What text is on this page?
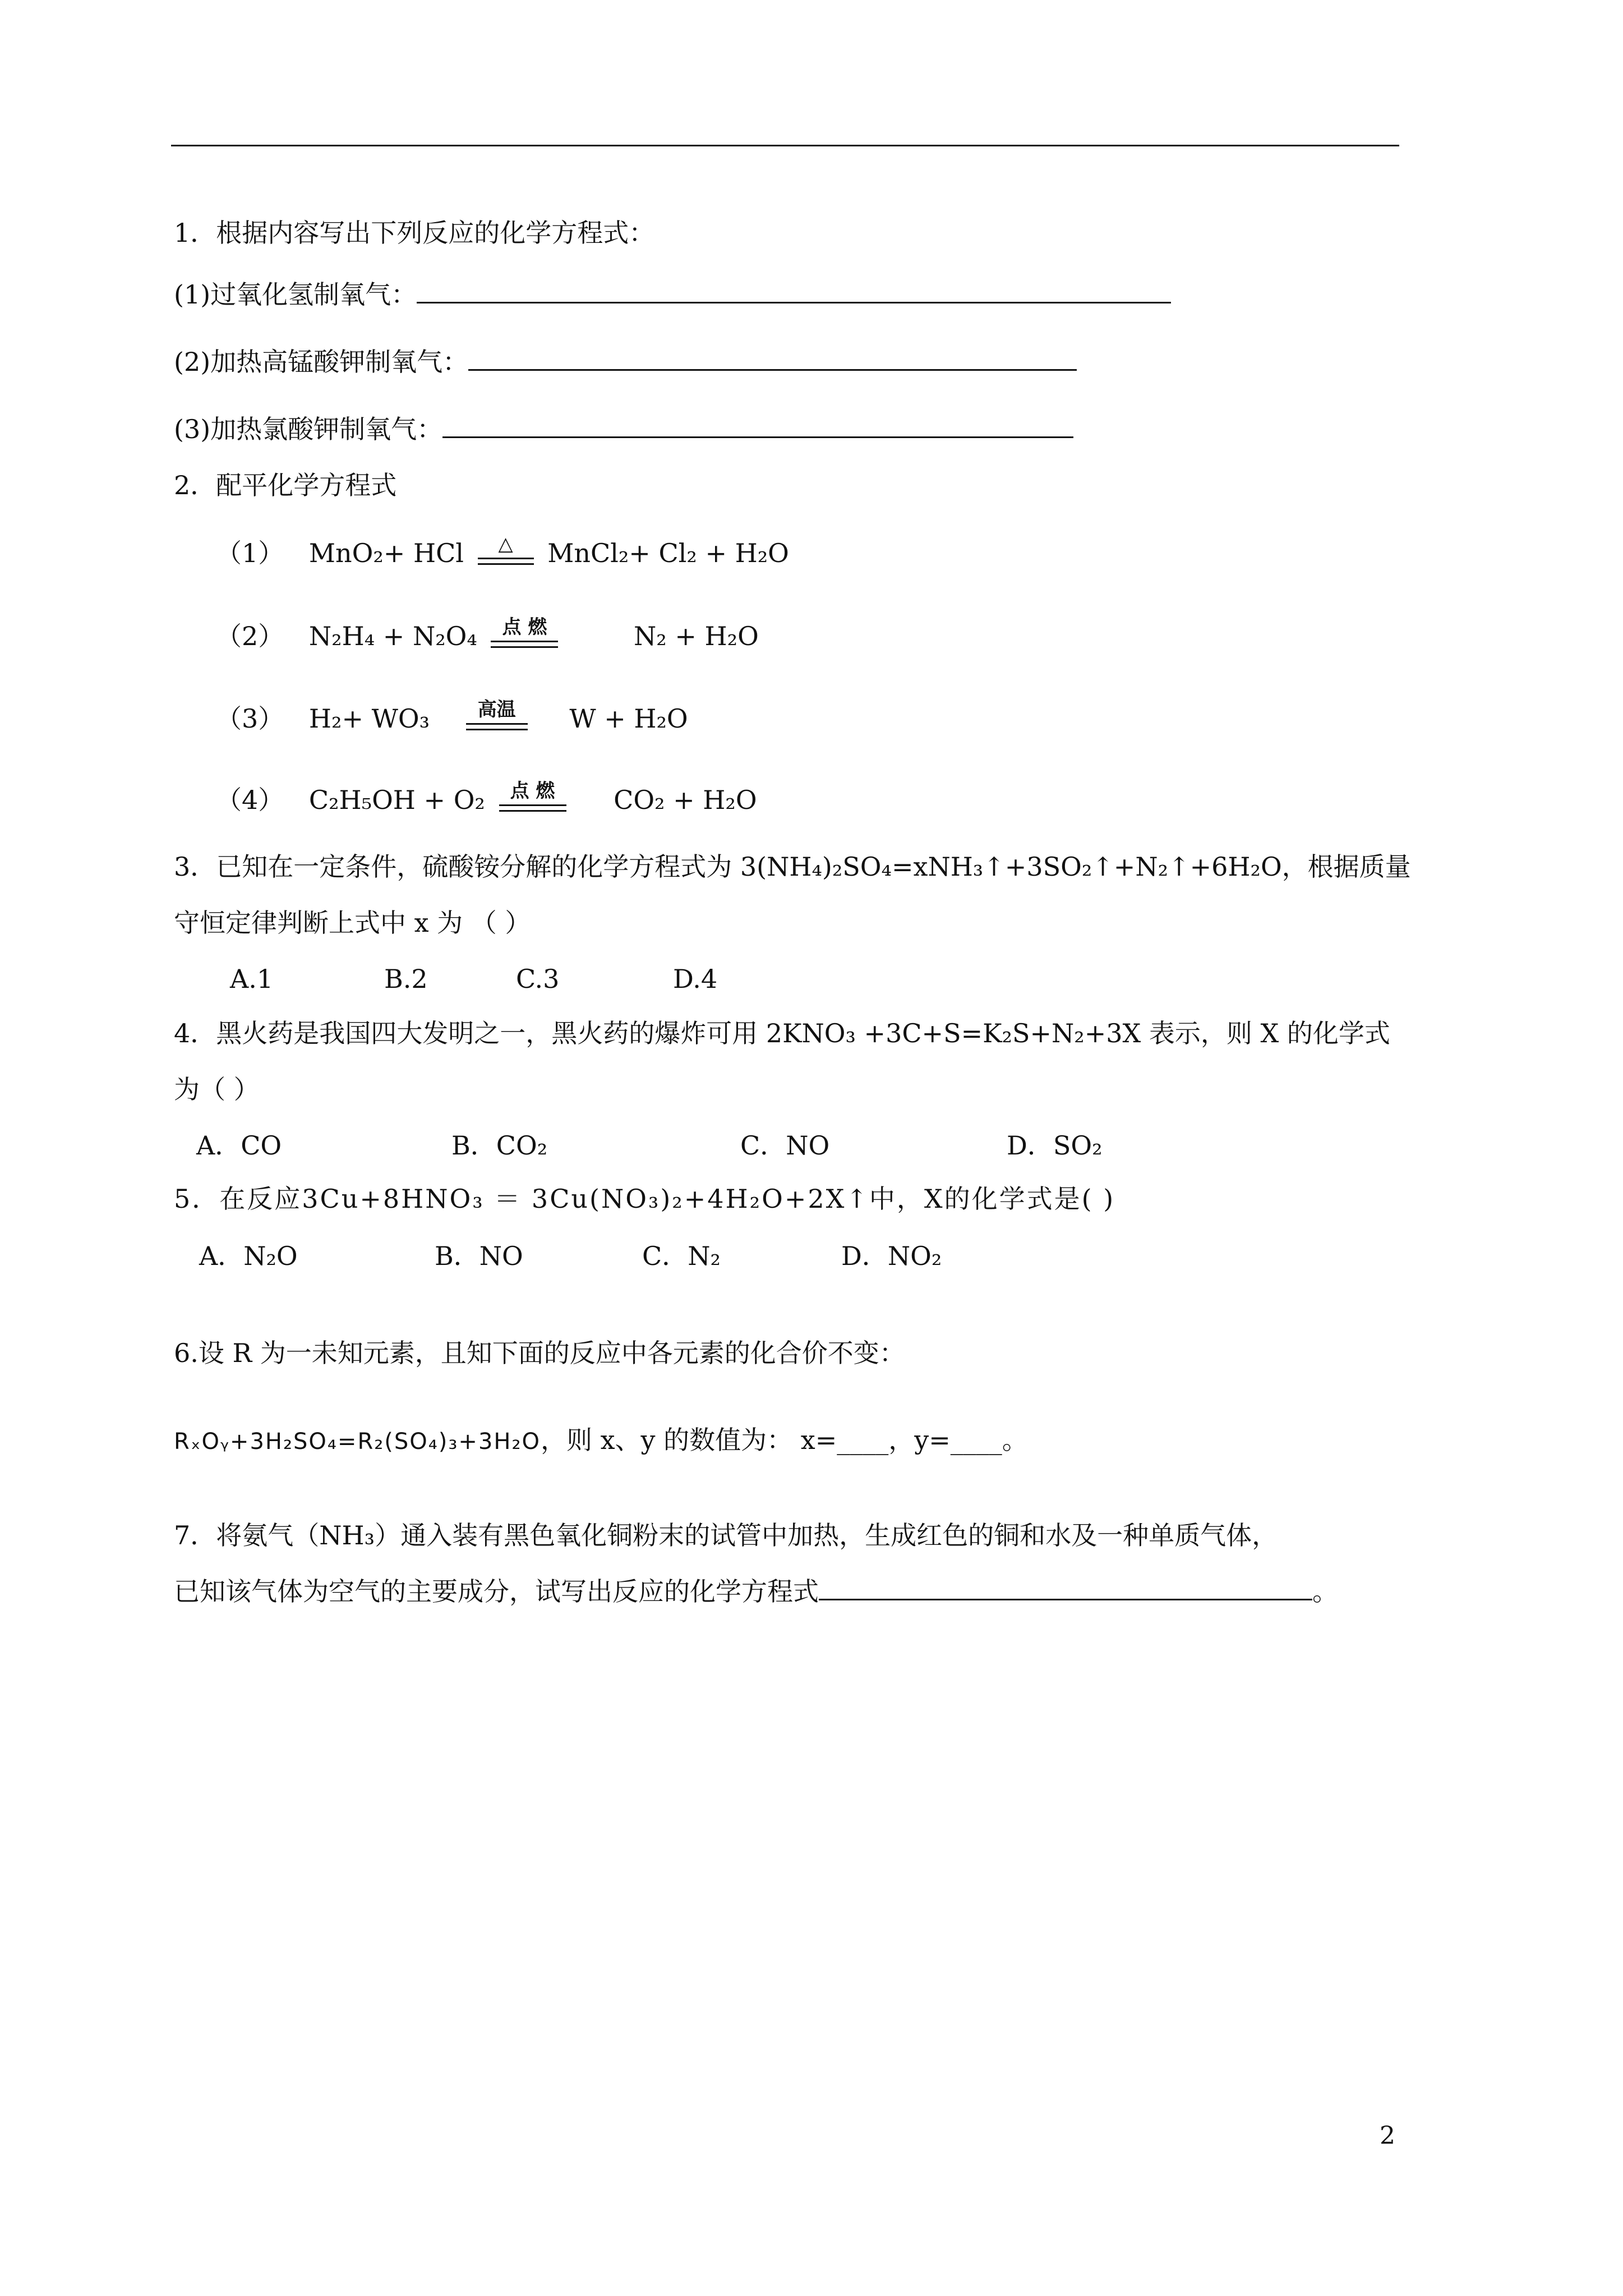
1．根据内容写出下列反应的化学方程式：
(1)过氧化氢制氧气：
(2)加热高锰酸钾制氧气：
(3)加热氯酸钾制氧气：
2．配平化学方程式
（1） MnO₂+ HCl	△	MnCl₂+ Cl₂ + H₂O
（2） N₂H₄ + N₂O₄	点 燃	N₂ + H₂O
（3） H₂+ WO₃	高温	W + H₂O
（4） C₂H₅OH + O₂	点 燃	CO₂ + H₂O
3．已知在一定条件，硫酸铵分解的化学方程式为 3(NH₄)₂SO₄=xNH₃↑+3SO₂↑+N₂↑+6H₂O，根据质量
守恒定律判断上式中 x 为 （ ）
A.1	B.2	C.3	D.4
4．黑火药是我国四大发明之一，黑火药的爆炸可用 2KNO₃ +3C+S=K₂S+N₂+3X 表示，则 X 的化学式
为（ ）
A．CO	B．CO₂	C．NO	D．SO₂
5．在反应3Cu+8HNO₃ ＝ 3Cu(NO₃)₂+4H₂O+2X↑中，X的化学式是( )
A．N₂O	B．NO	C．N₂	D．NO₂
6.设 R 为一未知元素，且知下面的反应中各元素的化合价不变：
RₓOᵧ+3H₂SO₄=R₂(SO₄)₃+3H₂O，则 x、y 的数值为： x=____，y=____。
7．将氨气（NH₃）通入装有黑色氧化铜粉末的试管中加热，生成红色的铜和水及一种单质气体，
已知该气体为空气的主要成分，试写出反应的化学方程式	。
2
